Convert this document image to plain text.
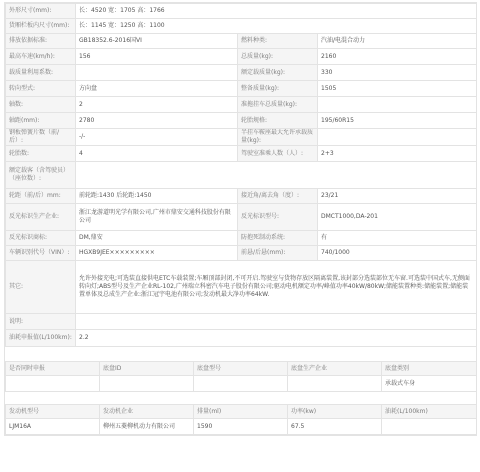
外形尺寸(mm):	长：4520 宽：1705 高：1766		
货厢栏板内尺寸(mm):	长：1145 宽：1250 高：1100		
排放依据标准:	GB18352.6-2016国VI	燃料种类:	汽油/电混合动力
最高车速(km/h):	156	总质量(kg):	2160
载质量利用系数:		额定载质量(kg):	330
转向型式:	方向盘	整备质量(kg):	1505
轴数:	2	准拖挂车总质量(kg):	
轴距(mm):	2780	轮胎规格:	195/60R15
钢板弹簧片数（前/后）:	-/-	半挂车鞍座最大允许承载质量(kg):	
轮胎数:	4	驾驶室准乘人数（人）:	2+3
额定载客（含驾驶员）（座位数）:			
轮距（前/后）mm:	前轮距:1430 后轮距:1450	接近角/离去角（度）:	23/21
反光标识生产企业:	浙江龙游道明光学有限公司,广州市鼎安交通科技股份有限公司	反光标识型号:	DMCT1000,DA-201
反光标识商标:	DM,鼎安	防抱死制动系统:	有
车辆识别代号（VIN）:	HGXB9JEE×××××××××	前悬/后悬(mm):	740/1000
其它:	允许外接充电;可选装直接供电ETC车载装置;车厢顶部封闭,不可开启.驾驶室与货物存放区隔离装置,该封部分选装部位无车窗.可选装中国式车,无侧面转向灯;ABS型号及生产企业RL-102,广州瑞立科密汽车电子股份有限公司;驱动电机额定功率/峰值功率40kW/80kW;储能装置种类:储能装置;储能装置单体及总成生产企业:浙江冠宇电池有限公司;发动机最大净功率64kW.		
说明:			
油耗申报值(L/100km):	2.2		
是否同时申报	底盘ID	底盘型号	底盘生产企业	底盘类别
				承载式车身
发动机型号	发动机企业	排量(ml)	功率(kw)	油耗(L/100km)
LJM16A	柳州五菱柳机动力有限公司	1590	67.5	
